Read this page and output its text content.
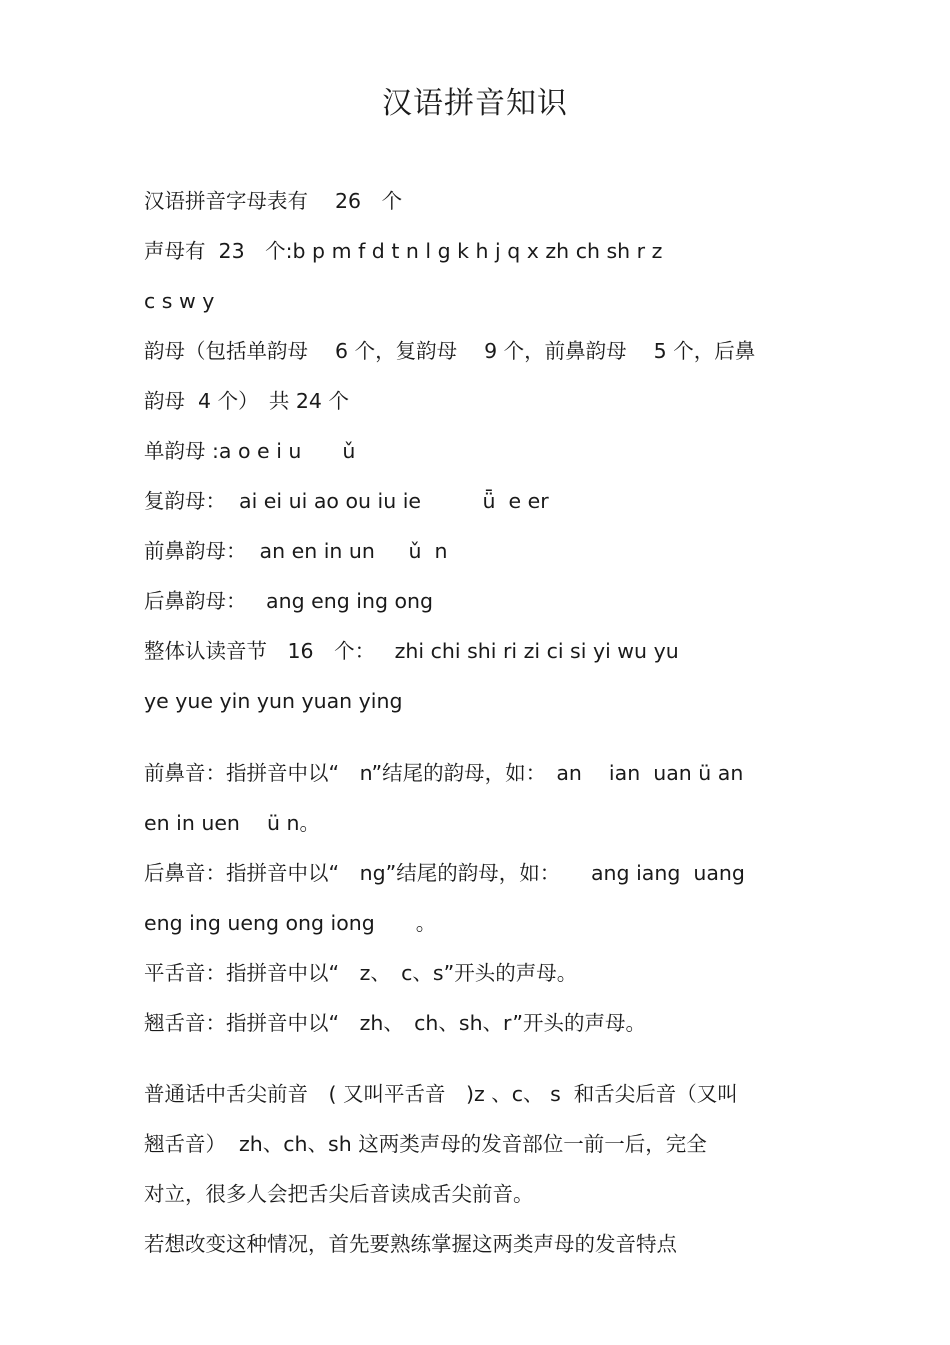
汉语拼音知识
汉语拼音字母表有　 26　个
声母有  23　个:b p m f d t n l g k h j q x zh ch sh r z
c s w y
韵母（包括单韵母　 6 个，复韵母　 9 个，前鼻韵母　 5 个，后鼻
韵母  4 个）　共 24 个
单韵母 :a o e i u　　ǔ
复韵母：  ai ei ui ao ou iu ie　　　ǖ  e er
前鼻韵母：  an en in un　  ǔ  n
后鼻韵母：   ang eng ing ong
整体认读音节　16　个：   zhi chi shi ri zi ci si yi wu yu
ye yue yin yun yuan ying
前鼻音：指拼音中以“　n”结尾的韵母，如：　an　 ian  uan ü an
en in uen　 ü n。
后鼻音：指拼音中以“　ng”结尾的韵母，如：　　ang iang  uang
eng ing ueng ong iong　　。
平舌音：指拼音中以“　z、　c、s”开头的声母。
翘舌音：指拼音中以“　zh、　ch、sh、r”开头的声母。
普通话中舌尖前音　( 又叫平舌音　)z 、c、 s  和舌尖后音（又叫
翘舌音）  zh、ch、sh 这两类声母的发音部位一前一后，完全
对立，很多人会把舌尖后音读成舌尖前音。
若想改变这种情况，首先要熟练掌握这两类声母的发音特点
